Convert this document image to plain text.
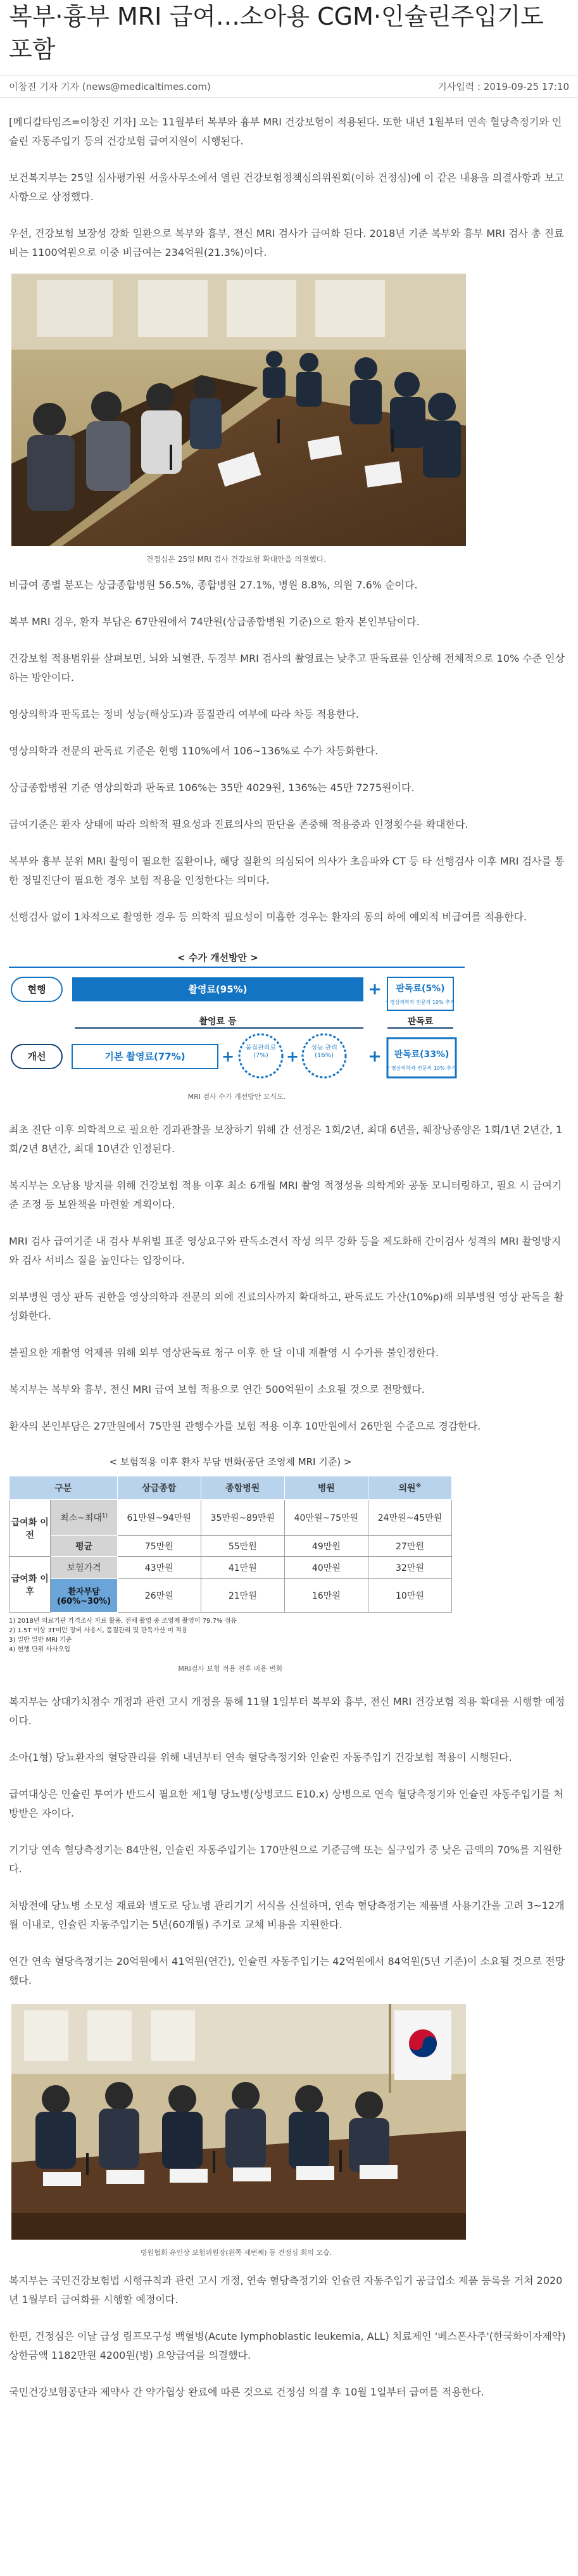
복부·흉부 MRI 급여…소아용 CGM·인슐린주입기도
포함
이창진 기자 기자 (news@medicaltimes.com)	기사입력 : 2019-09-25 17:10

[메디칼타임즈=이창진 기자] 오는 11월부터 복부와 흉부 MRI 건강보험이 적용된다. 또한 내년 1월부터 연속 혈당측정기와 인슐린 자동주입기 등의 건강보험 급여지원이 시행된다.

보건복지부는 25일 심사평가원 서울사무소에서 열린 건강보험정책심의위원회(이하 건정심)에 이 같은 내용을 의결사항과 보고사항으로 상정했다.

우선, 건강보험 보장성 강화 일환으로 복부와 흉부, 전신 MRI 검사가 급여화 된다. 2018년 기준 복부와 흉부 MRI 검사 총 진료비는 1100억원으로 이중 비급여는 234억원(21.3%)이다.

건정심은 25일 MRI 검사 건강보험 확대안을 의결했다.

비급여 종별 분포는 상급종합병원 56.5%, 종합병원 27.1%, 병원 8.8%, 의원 7.6% 순이다.

복부 MRI 경우, 환자 부담은 67만원에서 74만원(상급종합병원 기준)으로 환자 본인부담이다.

건강보험 적용범위를 살펴보면, 뇌와 뇌혈관, 두경부 MRI 검사의 촬영료는 낮추고 판독료를 인상해 전체적으로 10% 수준 인상하는 방안이다.

영상의학과 판독료는 정비 성능(해상도)과 품질관리 여부에 따라 차등 적용한다.

영상의학과 전문의 판독료 기준은 현행 110%에서 106~136%로 수가 차등화한다.

상급종합병원 기준 영상의학과 판독료 106%는 35만 4029원, 136%는 45만 7275원이다.

급여기준은 환자 상태에 따라 의학적 필요성과 진료의사의 판단을 존중해 적용증과 인정횟수를 확대한다.

복부와 흉부 분위 MRI 촬영이 필요한 질환이나, 해당 질환의 의심되어 의사가 초음파와 CT 등 타 선행검사 이후 MRI 검사를 통한 정밀진단이 필요한 경우 보험 적용을 인정한다는 의미다.

선행검사 없이 1차적으로 촬영한 경우 등 의학적 필요성이 미흡한 경우는 환자의 동의 하에 예외적 비급여를 적용한다.

< 수가 개선방안 >
현행	촬영료(95%)	+ 판독료(5%)
* 영상의학과 전문의 10% 추가
촬영료 등	판독료
개선	기본 촬영료(77%) +	품질관리료 (7%)	+	성능 관리 (16%)	+ 판독료(33%)
* 영상의학과 전문의 10% 추가
MRI 검사 수가 개선방안 모식도.

최초 진단 이후 의학적으로 필요한 경과관찰을 보장하기 위해 간 선정은 1회/2년, 최대 6년을, 췌장낭종양은 1회/1년 2년간, 1회/2년 8년간, 최대 10년간 인정된다.

복지부는 오남용 방지를 위해 건강보험 적용 이후 최소 6개월 MRI 촬영 적정성을 의학계와 공동 모니터링하고, 필요 시 급여기준 조정 등 보완책을 마련할 계획이다.

MRI 검사 급여기준 내 검사 부위별 표준 영상요구와 판독소견서 작성 의무 강화 등을 제도화해 간이검사 성격의 MRI 촬영방지와 검사 서비스 질을 높인다는 입장이다.

외부병원 영상 판독 권한을 영상의학과 전문의 외에 진료의사까지 확대하고, 판독료도 가산(10%p)해 외부병원 영상 판독을 활성화한다.

불필요한 재촬영 억제를 위해 외부 영상판독료 청구 이후 한 달 이내 재촬영 시 수가를 불인정한다.

복지부는 복부와 흉부, 전신 MRI 급여 보험 적용으로 연간 500억원이 소요될 것으로 전망했다.

환자의 본인부담은 27만원에서 75만원 관행수가를 보험 적용 이후 10만원에서 26만원 수준으로 경감한다.

< 보험적용 이후 환자 부담 변화(공단 조영제 MRI 기준) >
구분		상급종합	종합병원	병원	의원※
급여화 이전	최소~최대$^{1)}$	61만원~94만원	35만원~89만원	40만원~75만원	24만원~45만원
	평균	75만원	55만원	49만원	27만원
급여화 이후	보험가격	43만원	41만원	40만원	32만원
	환자부담 (60%~30%)	26만원	21만원	16만원	10만원
1) 2018년 의료기관 가격조사 자료 활용, 전체 촬영 중 조영제 촬영이 79.7% 점유
2) 1.5T 이상 3T미만 장비 사용시, 품질관리 및 판독가산 미 적용
3) 일반 일반 MRI 기준
4) 현행 단위 사사오입
MRI검사 보험 적용 전후 비용 변화

복지부는 상대가치점수 개정과 관련 고시 개정을 통해 11월 1일부터 복부와 흉부, 전신 MRI 건강보험 적용 확대를 시행할 예정이다.

소아(1형) 당뇨환자의 혈당관리를 위해 내년부터 연속 혈당측정기와 인슐린 자동주입기 건강보험 적용이 시행된다.

급여대상은 인슐린 투여가 반드시 필요한 제1형 당뇨병(상병코드 E10.x) 상병으로 연속 혈당측정기와 인슐린 자동주입기를 처방받은 자이다.

기기당 연속 혈당측정기는 84만원, 인슐린 자동주입기는 170만원으로 기준금액 또는 실구입가 중 낮은 금액의 70%를 지원한다.

처방전에 당뇨병 소모성 재료와 별도로 당뇨병 관리기기 서식을 신설하며, 연속 혈당측정기는 제품별 사용기간을 고려 3~12개월 이내로, 인슐린 자동주입기는 5년(60개월) 주기로 교체 비용을 지원한다.

연간 연속 혈당측정기는 20억원에서 41억원(연간), 인슐린 자동주입기는 42억원에서 84억원(5년 기준)이 소요될 것으로 전망했다.

병원협회 유인상 보험위원장(왼쪽 세번째) 등 건정심 회의 모습.

복지부는 국민건강보험법 시행규칙과 관련 고시 개정, 연속 혈당측정기와 인슐린 자동주입기 공급업소 제품 등록을 거쳐 2020년 1월부터 급여화를 시행할 예정이다.

한편, 건정심은 이날 급성 림프모구성 백혈병(Acute lymphoblastic leukemia, ALL) 치료제인 '베스폰사주'(한국화이자제약) 상한금액 1182만원 4200원(병) 요양급여를 의결했다.

국민건강보험공단과 제약사 간 약가협상 완료에 따른 것으로 건정심 의결 후 10월 1일부터 급여를 적용한다.
